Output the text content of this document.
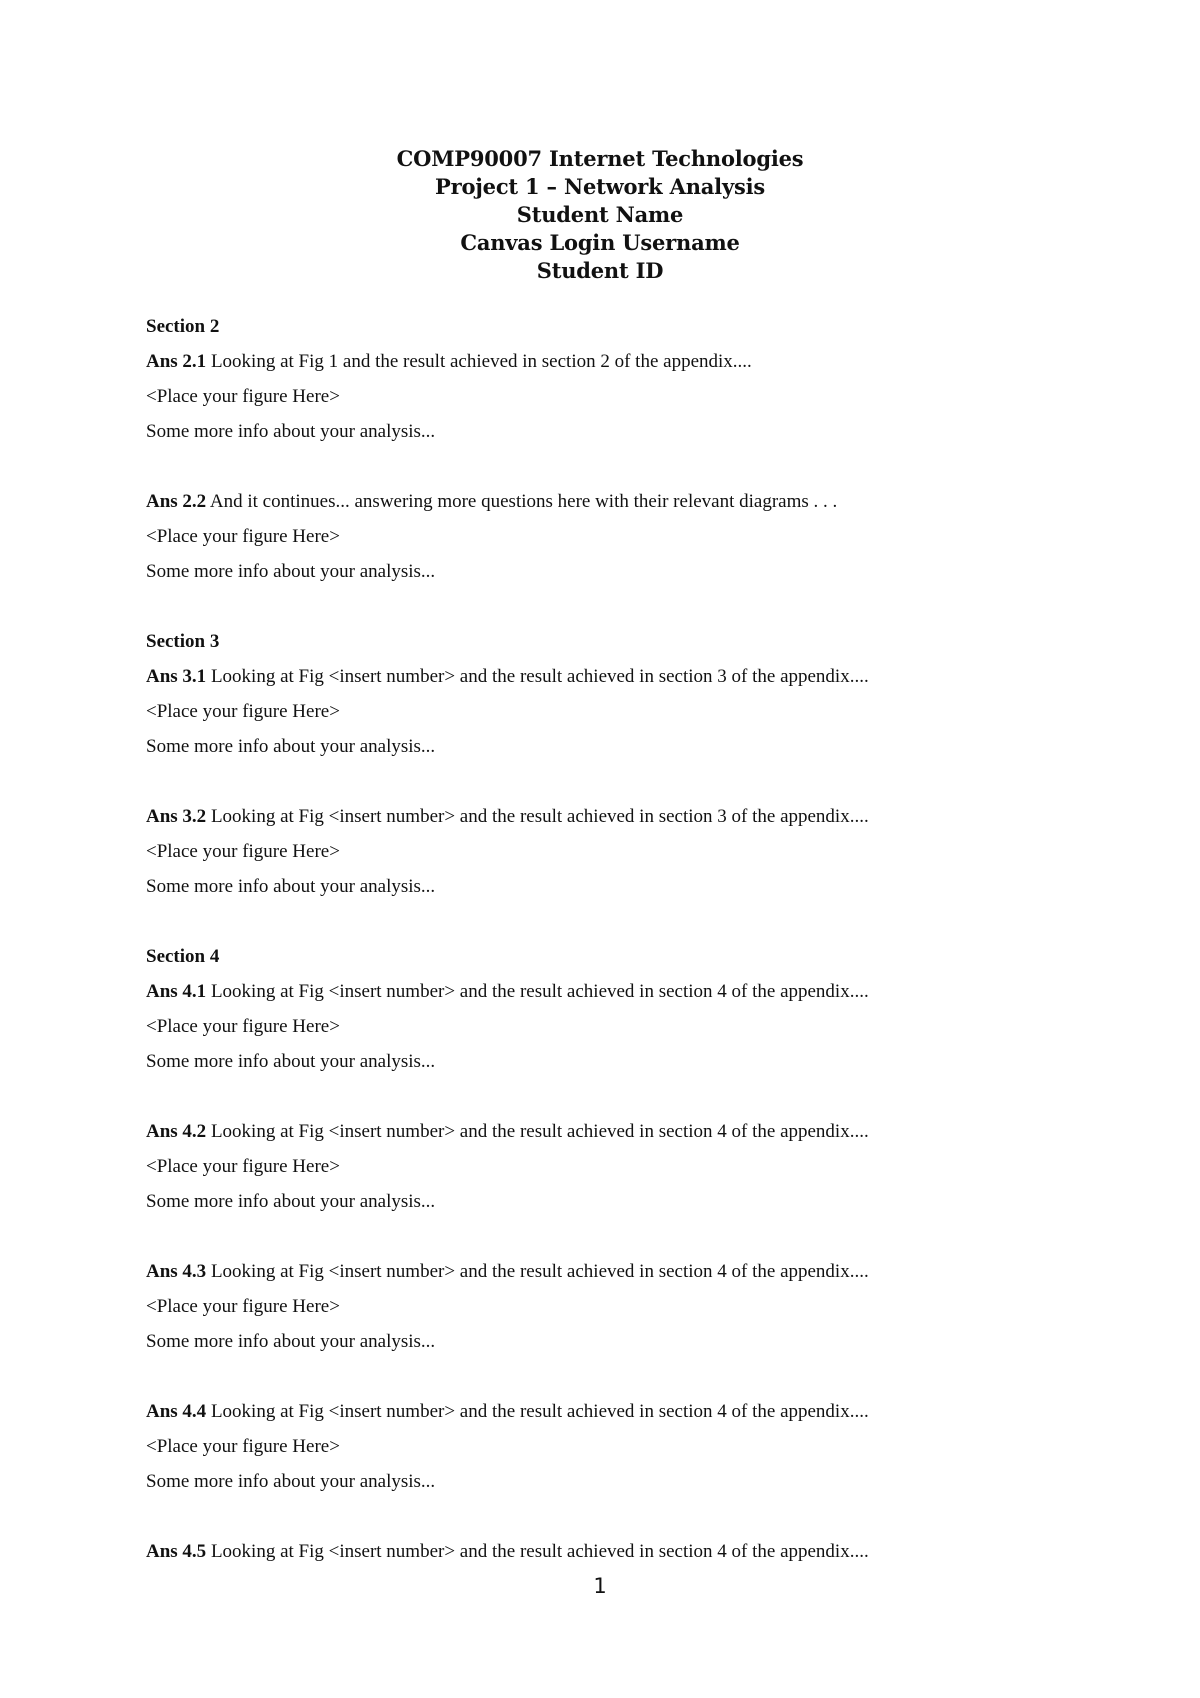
COMP90007 Internet Technologies

Project 1 – Network Analysis

Student Name

Canvas Login Username

Student ID

Section 2

Ans 2.1 Looking at Fig 1 and the result achieved in section 2 of the appendix....

<Place your figure Here>

Some more info about your analysis...

Ans 2.2 And it continues... answering more questions here with their relevant diagrams . . .

<Place your figure Here>

Some more info about your analysis...

Section 3

Ans 3.1 Looking at Fig <insert number> and the result achieved in section 3 of the appendix....

<Place your figure Here>

Some more info about your analysis...

Ans 3.2 Looking at Fig <insert number> and the result achieved in section 3 of the appendix....

<Place your figure Here>

Some more info about your analysis...

Section 4

Ans 4.1 Looking at Fig <insert number> and the result achieved in section 4 of the appendix....

<Place your figure Here>

Some more info about your analysis...

Ans 4.2 Looking at Fig <insert number> and the result achieved in section 4 of the appendix....

<Place your figure Here>

Some more info about your analysis...

Ans 4.3 Looking at Fig <insert number> and the result achieved in section 4 of the appendix....

<Place your figure Here>

Some more info about your analysis...

Ans 4.4 Looking at Fig <insert number> and the result achieved in section 4 of the appendix....

<Place your figure Here>

Some more info about your analysis...

Ans 4.5 Looking at Fig <insert number> and the result achieved in section 4 of the appendix....

1
